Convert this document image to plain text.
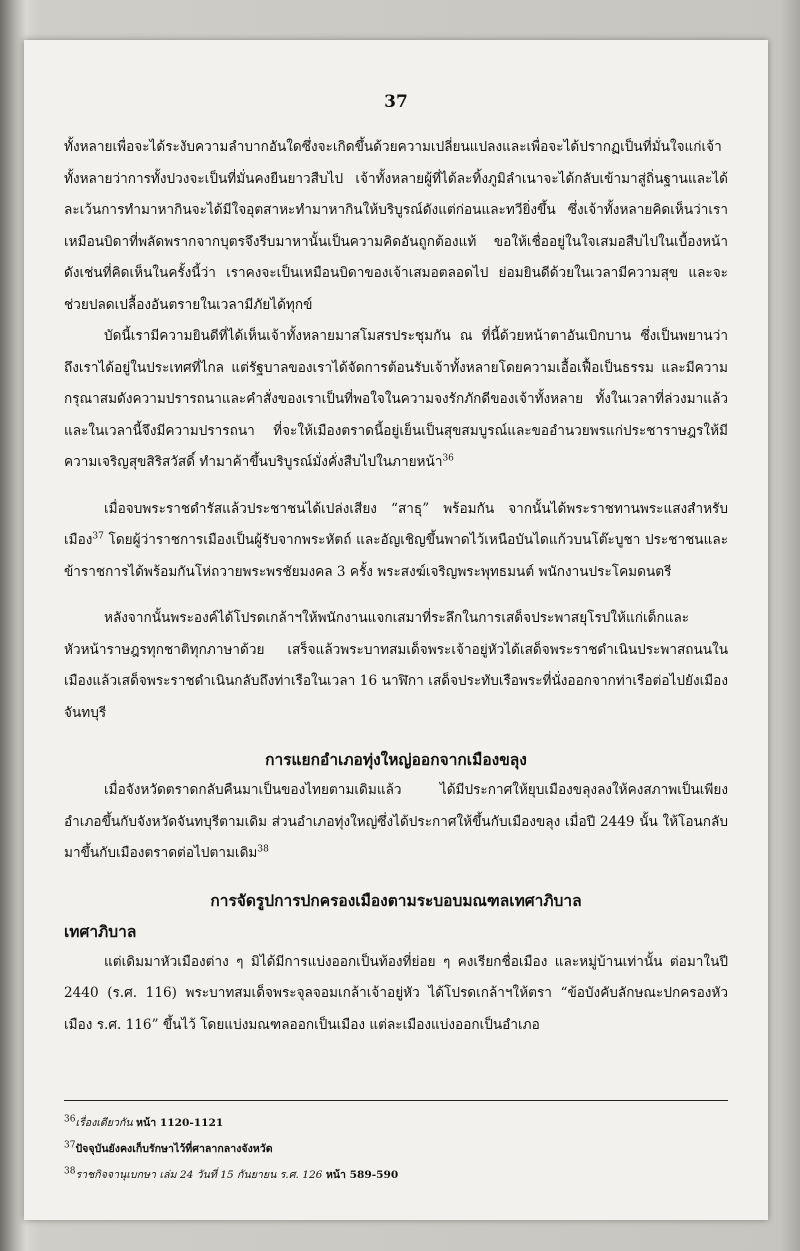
37

ทั้งหลายเพื่อจะได้ระงับความลำบากอันใดซึ่งจะเกิดขึ้นด้วยความเปลี่ยนแปลงและเพื่อจะได้ปรากฏเป็นที่มั่นใจแก่เจ้าทั้งหลายว่าการทั้งปวงจะเป็นที่มั่นคงยืนยาวสืบไป เจ้าทั้งหลายผู้ที่ได้ละทิ้งภูมิลำเนาจะได้กลับเข้ามาสู่ถิ่นฐานและได้ละเว้นการทำมาหากินจะได้มีใจอุตสาหะทำมาหากินให้บริบูรณ์ดังแต่ก่อนและทวียิ่งขึ้น ซึ่งเจ้าทั้งหลายคิดเห็นว่าเราเหมือนบิดาที่พลัดพรากจากบุตรจึงรีบมาหานั้นเป็นความคิดอันถูกต้องแท้ ขอให้เชื่ออยู่ในใจเสมอสืบไปในเบื้องหน้าดังเช่นที่คิดเห็นในครั้งนี้ว่า เราคงจะเป็นเหมือนบิดาของเจ้าเสมอตลอดไป ย่อมยินดีด้วยในเวลามีความสุข และจะช่วยปลดเปลื้องอันตรายในเวลามีภัยได้ทุกข์

บัดนี้เรามีความยินดีที่ได้เห็นเจ้าทั้งหลายมาสโมสรประชุมกัน ณ ที่นี้ด้วยหน้าตาอันเบิกบาน ซึ่งเป็นพยานว่าถึงเราได้อยู่ในประเทศที่ไกล แต่รัฐบาลของเราได้จัดการต้อนรับเจ้าทั้งหลายโดยความเอื้อเฟื้อเป็นธรรม และมีความกรุณาสมดังความปรารถนาและคำสั่งของเราเป็นที่พอใจในความจงรักภักดีของเจ้าทั้งหลาย ทั้งในเวลาที่ล่วงมาแล้วและในเวลานี้จึงมีความปรารถนา ที่จะให้เมืองตราดนี้อยู่เย็นเป็นสุขสมบูรณ์และขออำนวยพรแก่ประชาราษฎรให้มีความเจริญสุขสิริสวัสดิ์ ทำมาค้าขึ้นบริบูรณ์มั่งคั่งสืบไปในภายหน้า$^{36}$

เมื่อจบพระราชดำรัสแล้วประชาชนได้เปล่งเสียง “สาธุ” พร้อมกัน จากนั้นได้พระราชทานพระแสงสำหรับเมือง$^{37}$ โดยผู้ว่าราชการเมืองเป็นผู้รับจากพระหัตถ์ และอัญเชิญขึ้นพาดไว้เหนือบันไดแก้วบนโต๊ะบูชา ประชาชนและข้าราชการได้พร้อมกันโห่ถวายพระพรชัยมงคล 3 ครั้ง พระสงฆ์เจริญพระพุทธมนต์ พนักงานประโคมดนตรี

หลังจากนั้นพระองค์ได้โปรดเกล้าฯให้พนักงานแจกเสมาที่ระลึกในการเสด็จประพาสยุโรปให้แก่เด็กและหัวหน้าราษฎรทุกชาติทุกภาษาด้วย เสร็จแล้วพระบาทสมเด็จพระเจ้าอยู่หัวได้เสด็จพระราชดำเนินประพาสถนนในเมืองแล้วเสด็จพระราชดำเนินกลับถึงท่าเรือในเวลา 16 นาฬิกา เสด็จประทับเรือพระที่นั่งออกจากท่าเรือต่อไปยังเมืองจันทบุรี

การแยกอำเภอทุ่งใหญ่ออกจากเมืองขลุง

เมื่อจังหวัดตราดกลับคืนมาเป็นของไทยตามเดิมแล้ว ได้มีประกาศให้ยุบเมืองขลุงลงให้คงสภาพเป็นเพียงอำเภอขึ้นกับจังหวัดจันทบุรีตามเดิม ส่วนอำเภอทุ่งใหญ่ซึ่งได้ประกาศให้ขึ้นกับเมืองขลุง เมื่อปี 2449 นั้น ให้โอนกลับมาขึ้นกับเมืองตราดต่อไปตามเดิม$^{38}$

การจัดรูปการปกครองเมืองตามระบอบมณฑลเทศาภิบาล

เทศาภิบาล

แต่เดิมมาหัวเมืองต่าง ๆ มิได้มีการแบ่งออกเป็นท้องที่ย่อย ๆ คงเรียกชื่อเมือง และหมู่บ้านเท่านั้น ต่อมาในปี 2440 (ร.ศ. 116) พระบาทสมเด็จพระจุลจอมเกล้าเจ้าอยู่หัว ได้โปรดเกล้าฯให้ตรา “ข้อบังคับลักษณะปกครองหัวเมือง ร.ศ. 116” ขึ้นไว้ โดยแบ่งมณฑลออกเป็นเมือง แต่ละเมืองแบ่งออกเป็นอำเภอ

$^{36}$เรื่องเดียวกัน หน้า 1120-1121

$^{37}$ปัจจุบันยังคงเก็บรักษาไว้ที่ศาลากลางจังหวัด

$^{38}$ราชกิจจานุเบกษา เล่ม 24 วันที่ 15 กันยายน ร.ศ. 126 หน้า 589-590
